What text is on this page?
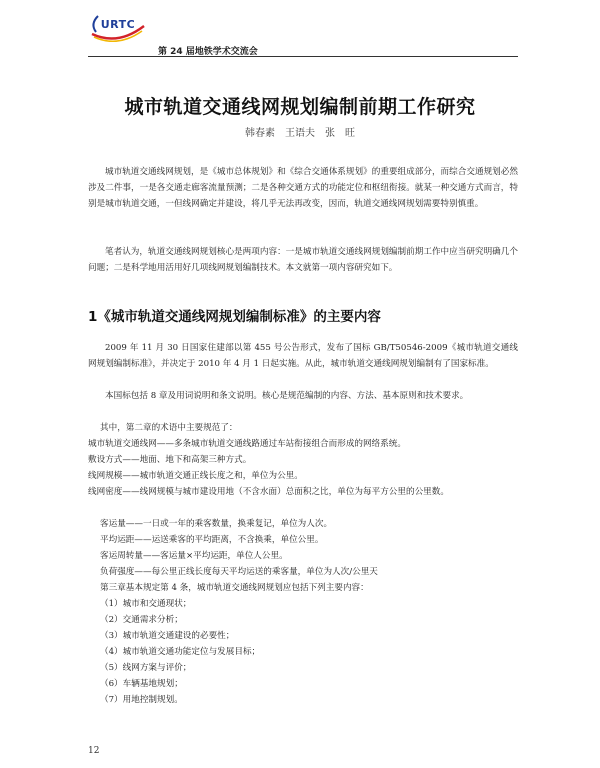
URTC
第 24 届地铁学术交流会
城市轨道交通线网规划编制前期工作研究
韩春素　王语夫　张　旺
城市轨道交通线网规划，是《城市总体规划》和《综合交通体系规划》的重要组成部分，而综合交通规划必然涉及二件事，一是各交通走廊客流量预测；二是各种交通方式的功能定位和枢纽衔接。就某一种交通方式而言，特别是城市轨道交通，一但线网确定并建设，将几乎无法再改变，因而，轨道交通线网规划需要特别慎重。
笔者认为，轨道交通线网规划核心是两项内容：一是城市轨道交通线网规划编制前期工作中应当研究明确几个问题；二是科学地用活用好几项线网规划编制技术。本文就第一项内容研究如下。
1《城市轨道交通线网规划编制标准》的主要内容
2009 年 11 月 30 日国家住建部以第 455 号公告形式，发布了国标 GB/T50546-2009《城市轨道交通线网规划编制标准》，并决定于 2010 年 4 月 1 日起实施。从此，城市轨道交通线网规划编制有了国家标准。
本国标包括 8 章及用词说明和条文说明。核心是规范编制的内容、方法、基本原则和技术要求。
其中，第二章的术语中主要规范了：
城市轨道交通线网——多条城市轨道交通线路通过车站衔接组合而形成的网络系统。
敷设方式——地面、地下和高架三种方式。
线网规模——城市轨道交通正线长度之和，单位为公里。
线网密度——线网规模与城市建设用地（不含水面）总面积之比，单位为每平方公里的公里数。
客运量——一日或一年的乘客数量，换乘复记，单位为人次。
平均运距——运送乘客的平均距离，不含换乘，单位公里。
客运周转量——客运量×平均运距，单位人公里。
负荷强度——每公里正线长度每天平均运送的乘客量，单位为人次/公里天
第三章基本规定第 4 条，城市轨道交通线网规划应包括下列主要内容：
（1）城市和交通现状；
（2）交通需求分析；
（3）城市轨道交通建设的必要性；
（4）城市轨道交通功能定位与发展目标；
（5）线网方案与评价；
（6）车辆基地规划；
（7）用地控制规划。
12
